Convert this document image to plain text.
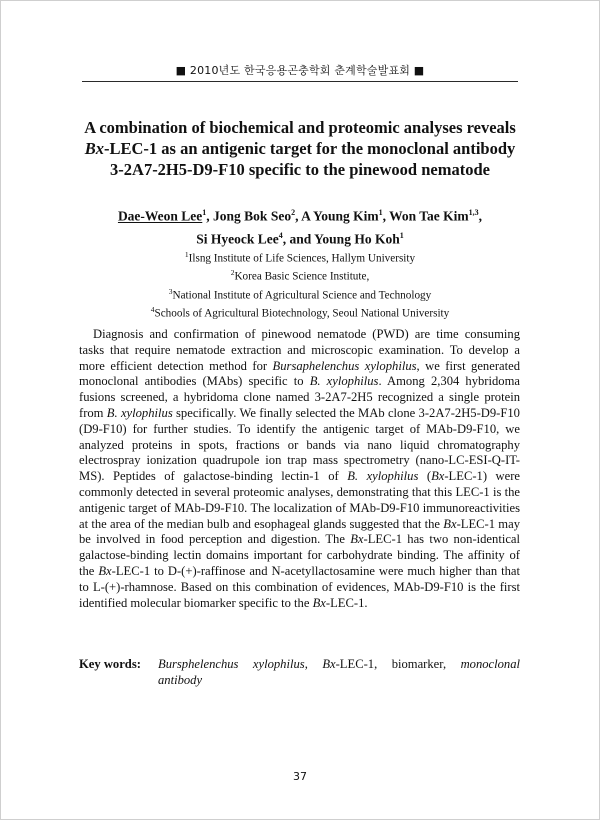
■ 2010년도 한국응용곤충학회 춘계학술발표회 ■
A combination of biochemical and proteomic analyses reveals
Bx-LEC-1 as an antigenic target for the monoclonal antibody
3-2A7-2H5-D9-F10 specific to the pinewood nematode
Dae-Weon Lee$^1$, Jong Bok Seo$^2$, A Young Kim$^1$, Won Tae Kim$^{1,3}$,
Si Hyeock Lee$^4$, and Young Ho Koh$^1$
$^1$Ilsng Institute of Life Sciences, Hallym University
$^2$Korea Basic Science Institute,
$^3$National Institute of Agricultural Science and Technology
$^4$Schools of Agricultural Biotechnology, Seoul National University
Diagnosis and confirmation of pinewood nematode (PWD) are time consuming tasks that require nematode extraction and microscopic examination. To develop a more efficient detection method for Bursaphelenchus xylophilus, we first generated monoclonal antibodies (MAbs) specific to B. xylophilus. Among 2,304 hybridoma fusions screened, a hybridoma clone named 3-2A7-2H5 recognized a single protein from B. xylophilus specifically. We finally selected the MAb clone 3-2A7-2H5-D9-F10 (D9-F10) for further studies. To identify the antigenic target of MAb-D9-F10, we analyzed proteins in spots, fractions or bands via nano liquid chromatography electrospray ionization quadrupole ion trap mass spectrometry (nano-LC-ESI-Q-IT-MS). Peptides of galactose-binding lectin-1 of B. xylophilus (Bx-LEC-1) were commonly detected in several proteomic analyses, demonstrating that this LEC-1 is the antigenic target of MAb-D9-F10. The localization of MAb-D9-F10 immunoreactivities at the area of the median bulb and esophageal glands suggested that the Bx-LEC-1 may be involved in food perception and digestion. The Bx-LEC-1 has two non-identical galactose-binding lectin domains important for carbohydrate binding. The affinity of the Bx-LEC-1 to D-(+)-raffinose and N-acetyllactosamine were much higher than that to L-(+)-rhamnose. Based on this combination of evidences, MAb-D9-F10 is the first identified molecular biomarker specific to the Bx-LEC-1.
Key words: Bursphelenchus xylophilus, Bx-LEC-1, biomarker, monoclonal antibody
37
